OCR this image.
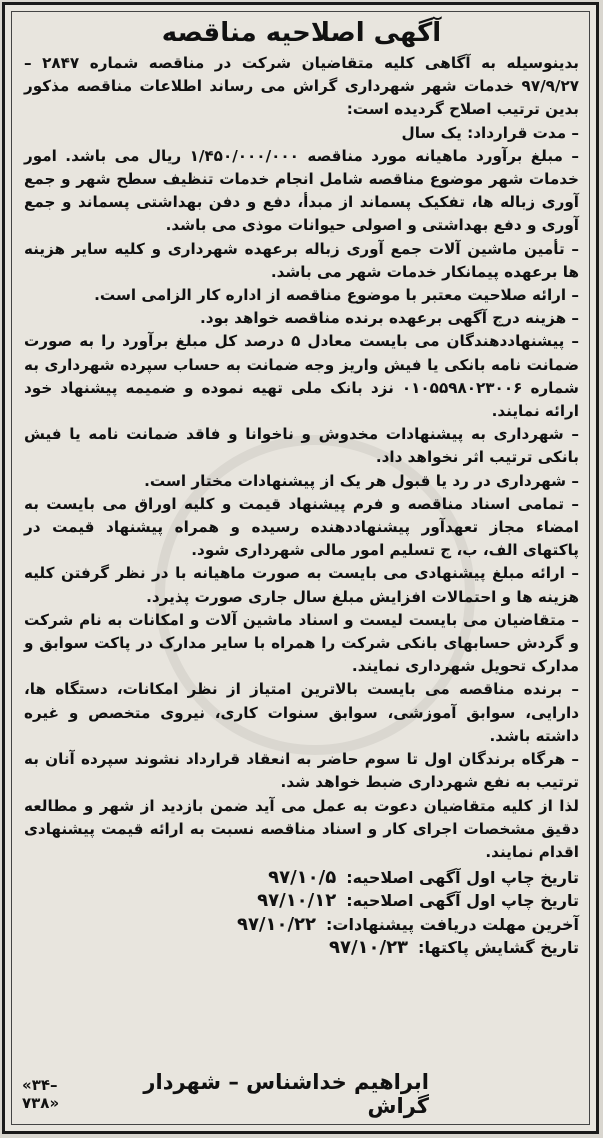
آگهی اصلاحیه مناقصه

بدینوسیله به آگاهی کلیه متقاضیان شرکت در مناقصه شماره ۲۸۴۷ – ۹۷/۹/۲۷ خدمات شهر شهرداری گراش می رساند اطلاعات مناقصه مذکور بدین ترتیب اصلاح گردیده است:

– مدت قرارداد: یک سال

– مبلغ برآورد ماهیانه مورد مناقصه ۱/۴۵۰/۰۰۰/۰۰۰ ریال می باشد. امور خدمات شهر موضوع مناقصه شامل انجام خدمات تنظیف سطح شهر و جمع آوری زباله ها، تفکیک پسماند از مبدأ، دفع و دفن بهداشتی پسماند و جمع آوری و دفع بهداشتی و اصولی حیوانات موذی می باشد.

– تأمین ماشین آلات جمع آوری زباله برعهده شهرداری و کلیه سایر هزینه ها برعهده پیمانکار خدمات شهر می باشد.

– ارائه صلاحیت معتبر با موضوع مناقصه از اداره کار الزامی است.

– هزینه درج آگهی برعهده برنده مناقصه خواهد بود.

– پیشنهاددهندگان می بایست معادل ۵ درصد کل مبلغ برآورد را به صورت ضمانت نامه بانکی یا فیش واریز وجه ضمانت به حساب سپرده شهرداری به شماره ۰۱۰۵۵۹۸۰۲۳۰۰۶ نزد بانک ملی تهیه نموده و ضمیمه پیشنهاد خود ارائه نمایند.

– شهرداری به پیشنهادات مخدوش و ناخوانا و فاقد ضمانت نامه یا فیش بانکی ترتیب اثر نخواهد داد.

– شهرداری در رد یا قبول هر یک از پیشنهادات مختار است.

– تمامی اسناد مناقصه و فرم پیشنهاد قیمت و کلیه اوراق می بایست به امضاء مجاز تعهدآور پیشنهاددهنده رسیده و همراه پیشنهاد قیمت در پاکتهای الف، ب، ج تسلیم امور مالی شهرداری شود.

– ارائه مبلغ پیشنهادی می بایست به صورت ماهیانه با در نظر گرفتن کلیه هزینه ها و احتمالات افزایش مبلغ سال جاری صورت پذیرد.

– متقاضیان می بایست لیست و اسناد ماشین آلات و امکانات به نام شرکت و گردش حسابهای بانکی شرکت را همراه با سایر مدارک در پاکت سوابق و مدارک تحویل شهرداری نمایند.

– برنده مناقصه می بایست بالاترین امتیاز از نظر امکانات، دستگاه ها، دارایی، سوابق آموزشی، سوابق سنوات کاری، نیروی متخصص و غیره داشته باشد.

– هرگاه برندگان اول تا سوم حاضر به انعقاد قرارداد نشوند سپرده آنان به ترتیب به نفع شهرداری ضبط خواهد شد.

لذا از کلیه متقاضیان دعوت به عمل می آید ضمن بازدید از شهر و مطالعه دقیق مشخصات اجرای کار و اسناد مناقصه نسبت به ارائه قیمت پیشنهادی اقدام نمایند.

تاریخ چاپ اول آگهی اصلاحیه:
۹۷/۱۰/۵
تاریخ چاپ اول آگهی اصلاحیه:
۹۷/۱۰/۱۲
آخرین مهلت دریافت پیشنهادات:
۹۷/۱۰/۲۲
تاریخ گشایش پاکتها:
۹۷/۱۰/۲۳
ابراهیم خداشناس – شهردار گراش
«۳۴–۷۳۸»
